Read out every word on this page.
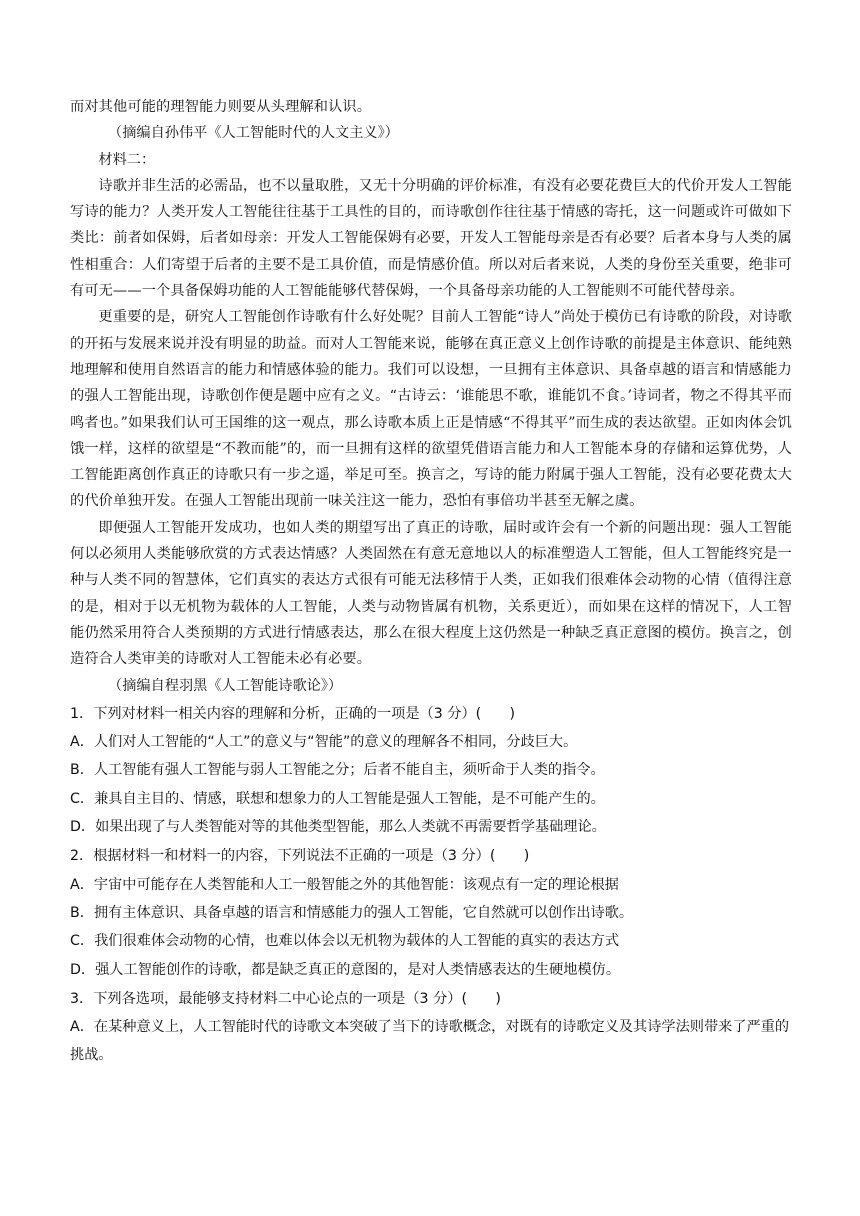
而对其他可能的理智能力则要从头理解和认识。

（摘编自孙伟平《人工智能时代的人文主义》）

材料二：

诗歌并非生活的必需品，也不以量取胜，又无十分明确的评价标准，有没有必要花费巨大的代价开发人工智能写诗的能力？人类开发人工智能往往基于工具性的目的，而诗歌创作往往基于情感的寄托，这一问题或许可做如下类比：前者如保姆，后者如母亲：开发人工智能保姆有必要，开发人工智能母亲是否有必要？后者本身与人类的属性相重合：人们寄望于后者的主要不是工具价值，而是情感价值。所以对后者来说，人类的身份至关重要，绝非可有可无——一个具备保姆功能的人工智能能够代替保姆，一个具备母亲功能的人工智能则不可能代替母亲。

更重要的是，研究人工智能创作诗歌有什么好处呢？目前人工智能“诗人”尚处于模仿已有诗歌的阶段，对诗歌的开拓与发展来说并没有明显的助益。而对人工智能来说，能够在真正意义上创作诗歌的前提是主体意识、能纯熟地理解和使用自然语言的能力和情感体验的能力。我们可以设想，一旦拥有主体意识、具备卓越的语言和情感能力的强人工智能出现，诗歌创作便是题中应有之义。“古诗云：‘谁能思不歌，谁能饥不食。’诗词者，物之不得其平而鸣者也。”如果我们认可王国维的这一观点，那么诗歌本质上正是情感“不得其平”而生成的表达欲望。正如肉体会饥饿一样，这样的欲望是“不教而能”的，而一旦拥有这样的欲望凭借语言能力和人工智能本身的存储和运算优势，人工智能距离创作真正的诗歌只有一步之遥，举足可至。换言之，写诗的能力附属于强人工智能，没有必要花费太大的代价单独开发。在强人工智能出现前一味关注这一能力，恐怕有事倍功半甚至无解之虞。

即便强人工智能开发成功，也如人类的期望写出了真正的诗歌，届时或许会有一个新的问题出现：强人工智能何以必须用人类能够欣赏的方式表达情感？人类固然在有意无意地以人的标准塑造人工智能，但人工智能终究是一种与人类不同的智慧体，它们真实的表达方式很有可能无法移情于人类，正如我们很难体会动物的心情（值得注意的是，相对于以无机物为载体的人工智能，人类与动物皆属有机物，关系更近），而如果在这样的情况下，人工智能仍然采用符合人类预期的方式进行情感表达，那么在很大程度上这仍然是一种缺乏真正意图的模仿。换言之，创造符合人类审美的诗歌对人工智能未必有必要。

（摘编自程羽黑《人工智能诗歌论》）

1．下列对材料一相关内容的理解和分析，正确的一项是（3 分）(　　)

A．人们对人工智能的“人工”的意义与“智能”的意义的理解各不相同，分歧巨大。

B．人工智能有强人工智能与弱人工智能之分；后者不能自主，须听命于人类的指令。

C．兼具自主目的、情感，联想和想象力的人工智能是强人工智能，是不可能产生的。

D．如果出现了与人类智能对等的其他类型智能，那么人类就不再需要哲学基础理论。

2．根据材料一和材料一的内容，下列说法不正确的一项是（3 分）(　　)

A．宇宙中可能存在人类智能和人工一般智能之外的其他智能：该观点有一定的理论根据

B．拥有主体意识、具备卓越的语言和情感能力的强人工智能，它自然就可以创作出诗歌。

C．我们很难体会动物的心情，也难以体会以无机物为载体的人工智能的真实的表达方式

D．强人工智能创作的诗歌，都是缺乏真正的意图的，是对人类情感表达的生硬地模仿。

3．下列各选项，最能够支持材料二中心论点的一项是（3 分）(　　)

A．在某种意义上，人工智能时代的诗歌文本突破了当下的诗歌概念，对既有的诗歌定义及其诗学法则带来了严重的挑战。
